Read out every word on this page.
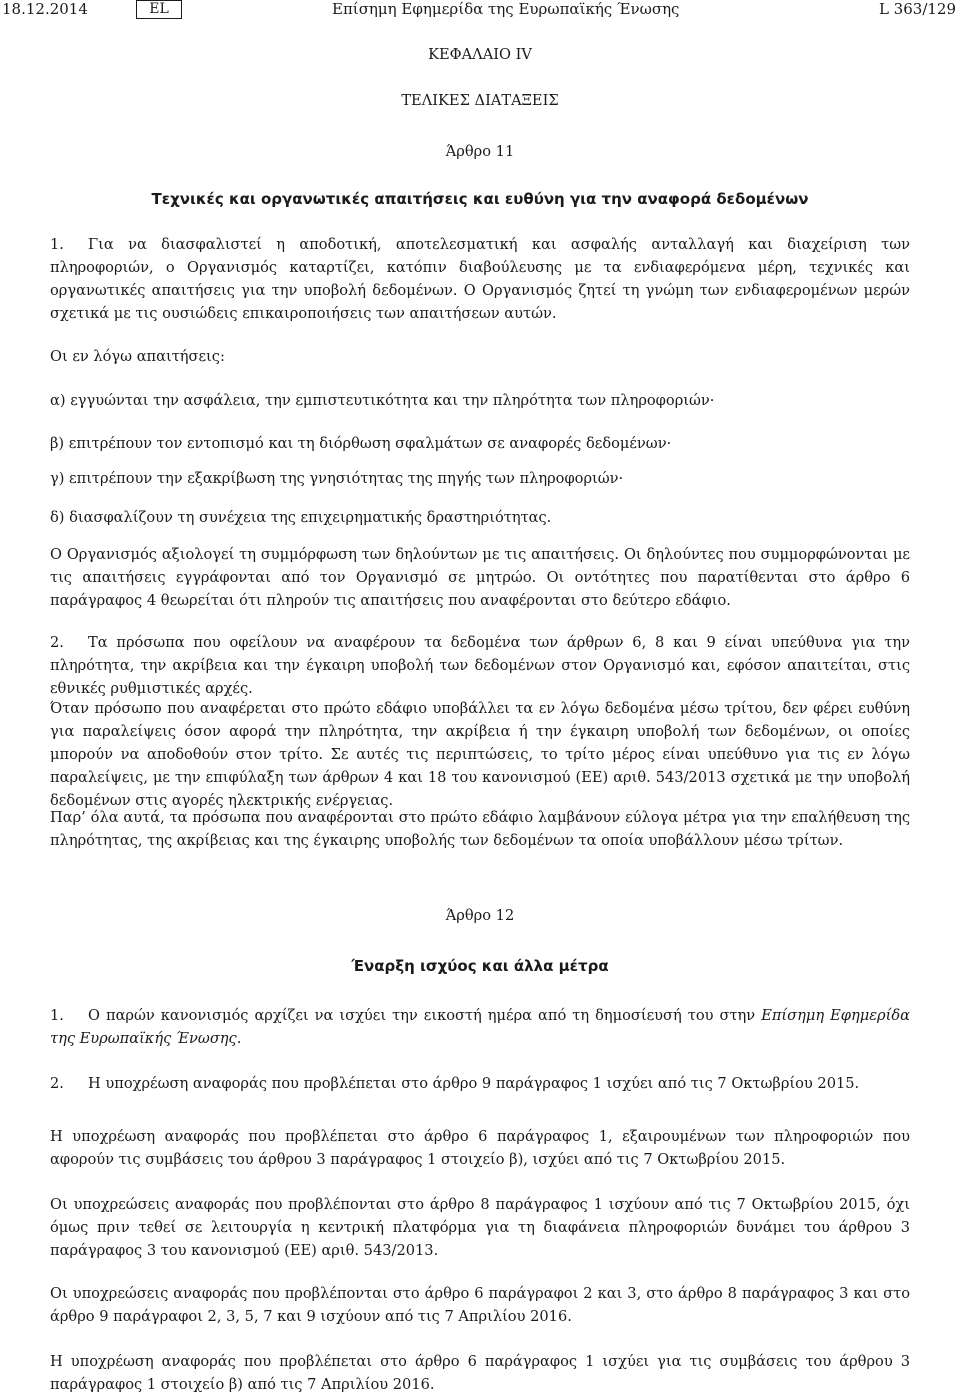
18.12.2014	EL	Επίσημη Εφημερίδα της Ευρωπαϊκής Ένωσης	L 363/129
ΚΕΦΑΛΑΙΟ IV
ΤΕΛΙΚΕΣ ΔΙΑΤΑΞΕΙΣ
Άρθρο 11
Τεχνικές και οργανωτικές απαιτήσεις και ευθύνη για την αναφορά δεδομένων

1. Για να διασφαλιστεί η αποδοτική, αποτελεσματική και ασφαλής ανταλλαγή και διαχείριση των πληροφοριών, ο Οργανισμός καταρτίζει, κατόπιν διαβούλευσης με τα ενδιαφερόμενα μέρη, τεχνικές και οργανωτικές απαιτήσεις για την υποβολή δεδομένων. Ο Οργανισμός ζητεί τη γνώμη των ενδιαφερομένων μερών σχετικά με τις ουσιώδεις επικαιροποιήσεις των απαιτήσεων αυτών.

Οι εν λόγω απαιτήσεις:

α) εγγυώνται την ασφάλεια, την εμπιστευτικότητα και την πληρότητα των πληροφοριών·

β) επιτρέπουν τον εντοπισμό και τη διόρθωση σφαλμάτων σε αναφορές δεδομένων·

γ) επιτρέπουν την εξακρίβωση της γνησιότητας της πηγής των πληροφοριών·

δ) διασφαλίζουν τη συνέχεια της επιχειρηματικής δραστηριότητας.

Ο Οργανισμός αξιολογεί τη συμμόρφωση των δηλούντων με τις απαιτήσεις. Οι δηλούντες που συμμορφώνονται με τις απαιτήσεις εγγράφονται από τον Οργανισμό σε μητρώο. Οι οντότητες που παρατίθενται στο άρθρο 6 παράγραφος 4 θεωρείται ότι πληρούν τις απαιτήσεις που αναφέρονται στο δεύτερο εδάφιο.

2. Τα πρόσωπα που οφείλουν να αναφέρουν τα δεδομένα των άρθρων 6, 8 και 9 είναι υπεύθυνα για την πληρότητα, την ακρίβεια και την έγκαιρη υποβολή των δεδομένων στον Οργανισμό και, εφόσον απαιτείται, στις εθνικές ρυθμιστικές αρχές.

Όταν πρόσωπο που αναφέρεται στο πρώτο εδάφιο υποβάλλει τα εν λόγω δεδομένα μέσω τρίτου, δεν φέρει ευθύνη για παραλείψεις όσον αφορά την πληρότητα, την ακρίβεια ή την έγκαιρη υποβολή των δεδομένων, οι οποίες μπορούν να αποδοθούν στον τρίτο. Σε αυτές τις περιπτώσεις, το τρίτο μέρος είναι υπεύθυνο για τις εν λόγω παραλείψεις, με την επιφύλαξη των άρθρων 4 και 18 του κανονισμού (ΕΕ) αριθ. 543/2013 σχετικά με την υποβολή δεδομένων στις αγορές ηλεκτρικής ενέργειας.

Παρ’ όλα αυτά, τα πρόσωπα που αναφέρονται στο πρώτο εδάφιο λαμβάνουν εύλογα μέτρα για την επαλήθευση της πληρότητας, της ακρίβειας και της έγκαιρης υποβολής των δεδομένων τα οποία υποβάλλουν μέσω τρίτων.

Άρθρο 12
Έναρξη ισχύος και άλλα μέτρα

1. Ο παρών κανονισμός αρχίζει να ισχύει την εικοστή ημέρα από τη δημοσίευσή του στην Επίσημη Εφημερίδα της Ευρωπαϊκής Ένωσης.

2. Η υποχρέωση αναφοράς που προβλέπεται στο άρθρο 9 παράγραφος 1 ισχύει από τις 7 Οκτωβρίου 2015.

Η υποχρέωση αναφοράς που προβλέπεται στο άρθρο 6 παράγραφος 1, εξαιρουμένων των πληροφοριών που αφορούν τις συμβάσεις του άρθρου 3 παράγραφος 1 στοιχείο β), ισχύει από τις 7 Οκτωβρίου 2015.

Οι υποχρεώσεις αναφοράς που προβλέπονται στο άρθρο 8 παράγραφος 1 ισχύουν από τις 7 Οκτωβρίου 2015, όχι όμως πριν τεθεί σε λειτουργία η κεντρική πλατφόρμα για τη διαφάνεια πληροφοριών δυνάμει του άρθρου 3 παράγραφος 3 του κανονισμού (ΕΕ) αριθ. 543/2013.

Οι υποχρεώσεις αναφοράς που προβλέπονται στο άρθρο 6 παράγραφοι 2 και 3, στο άρθρο 8 παράγραφος 3 και στο άρθρο 9 παράγραφοι 2, 3, 5, 7 και 9 ισχύουν από τις 7 Απριλίου 2016.

Η υποχρέωση αναφοράς που προβλέπεται στο άρθρο 6 παράγραφος 1 ισχύει για τις συμβάσεις του άρθρου 3 παράγραφος 1 στοιχείο β) από τις 7 Απριλίου 2016.
